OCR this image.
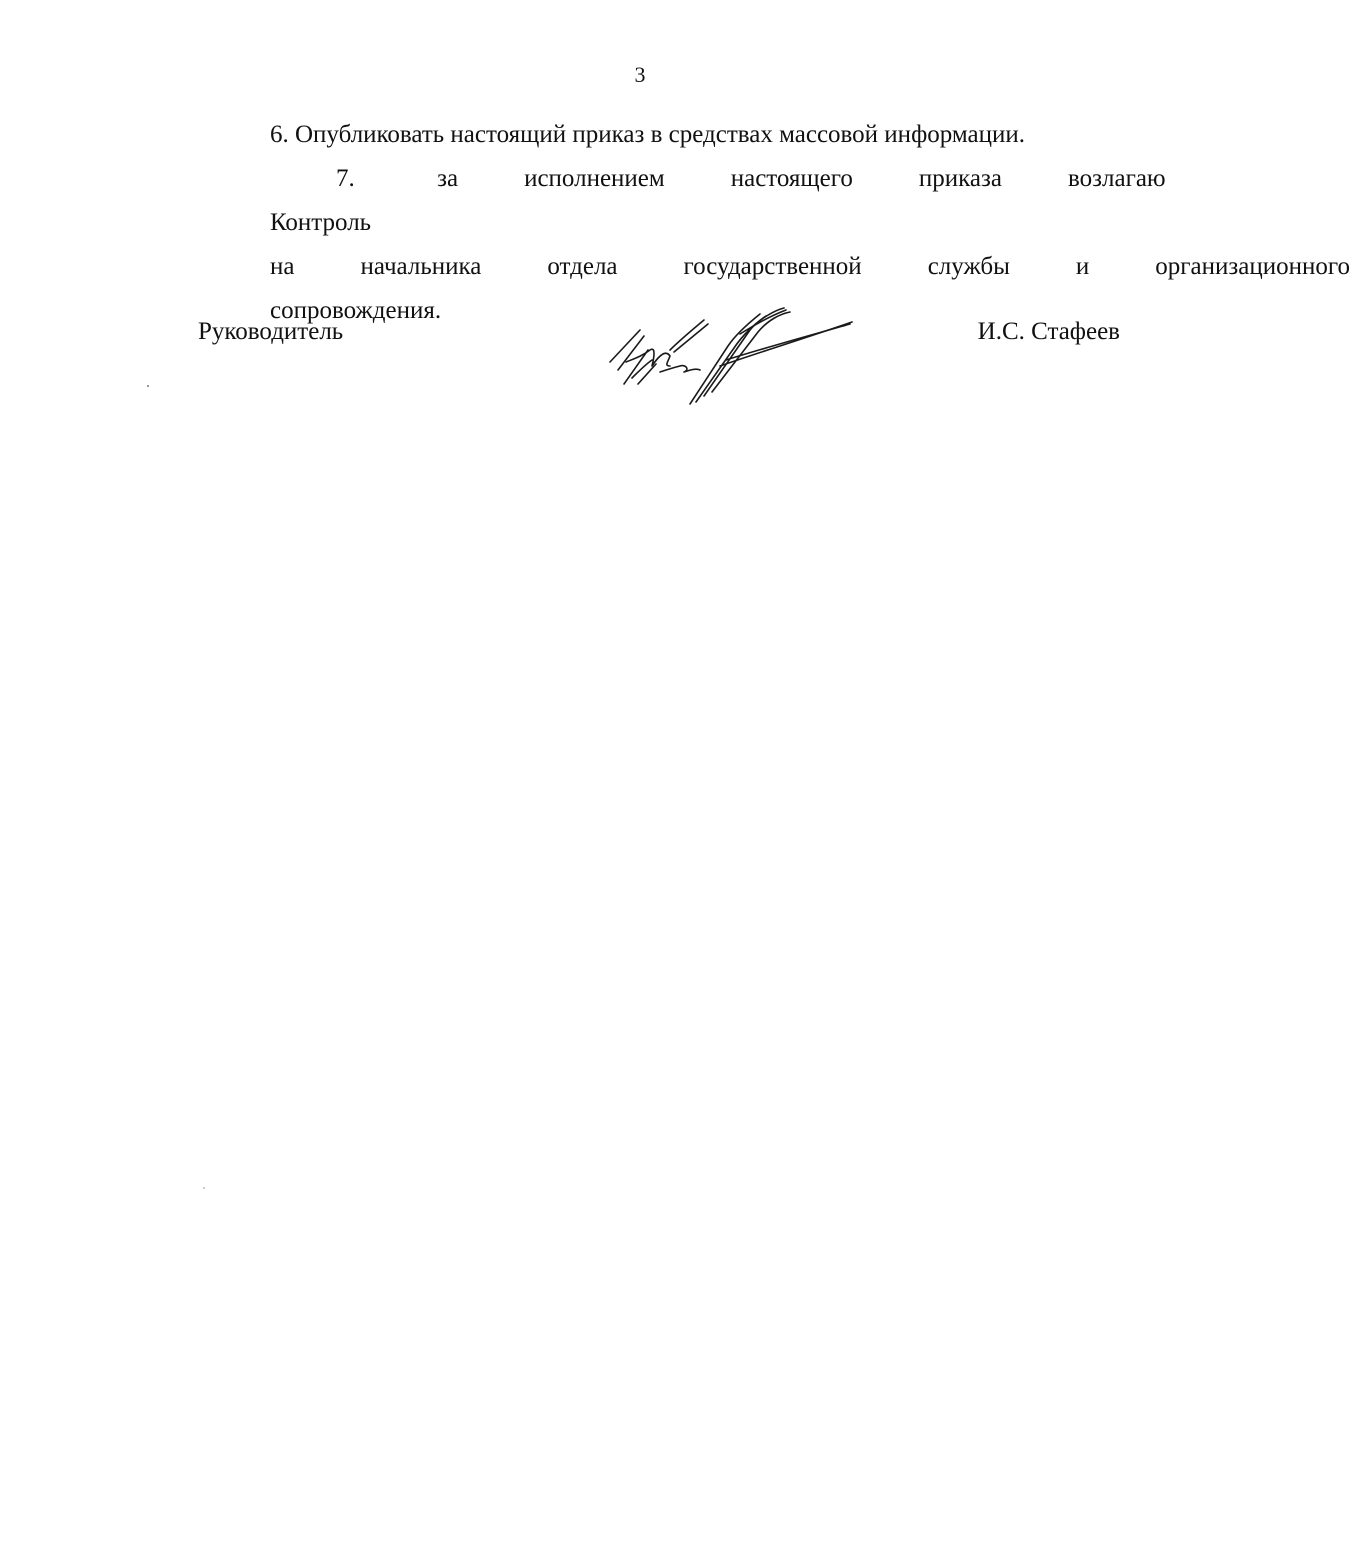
3

6. Опубликовать настоящий приказ в средствах массовой информации.

7. Контроль
за	исполнением	настоящего	приказа	возлагаю
на	начальника	отдела	государственной	службы	и	организационного
сопровождения.
Руководитель	И.С. Стафеев
